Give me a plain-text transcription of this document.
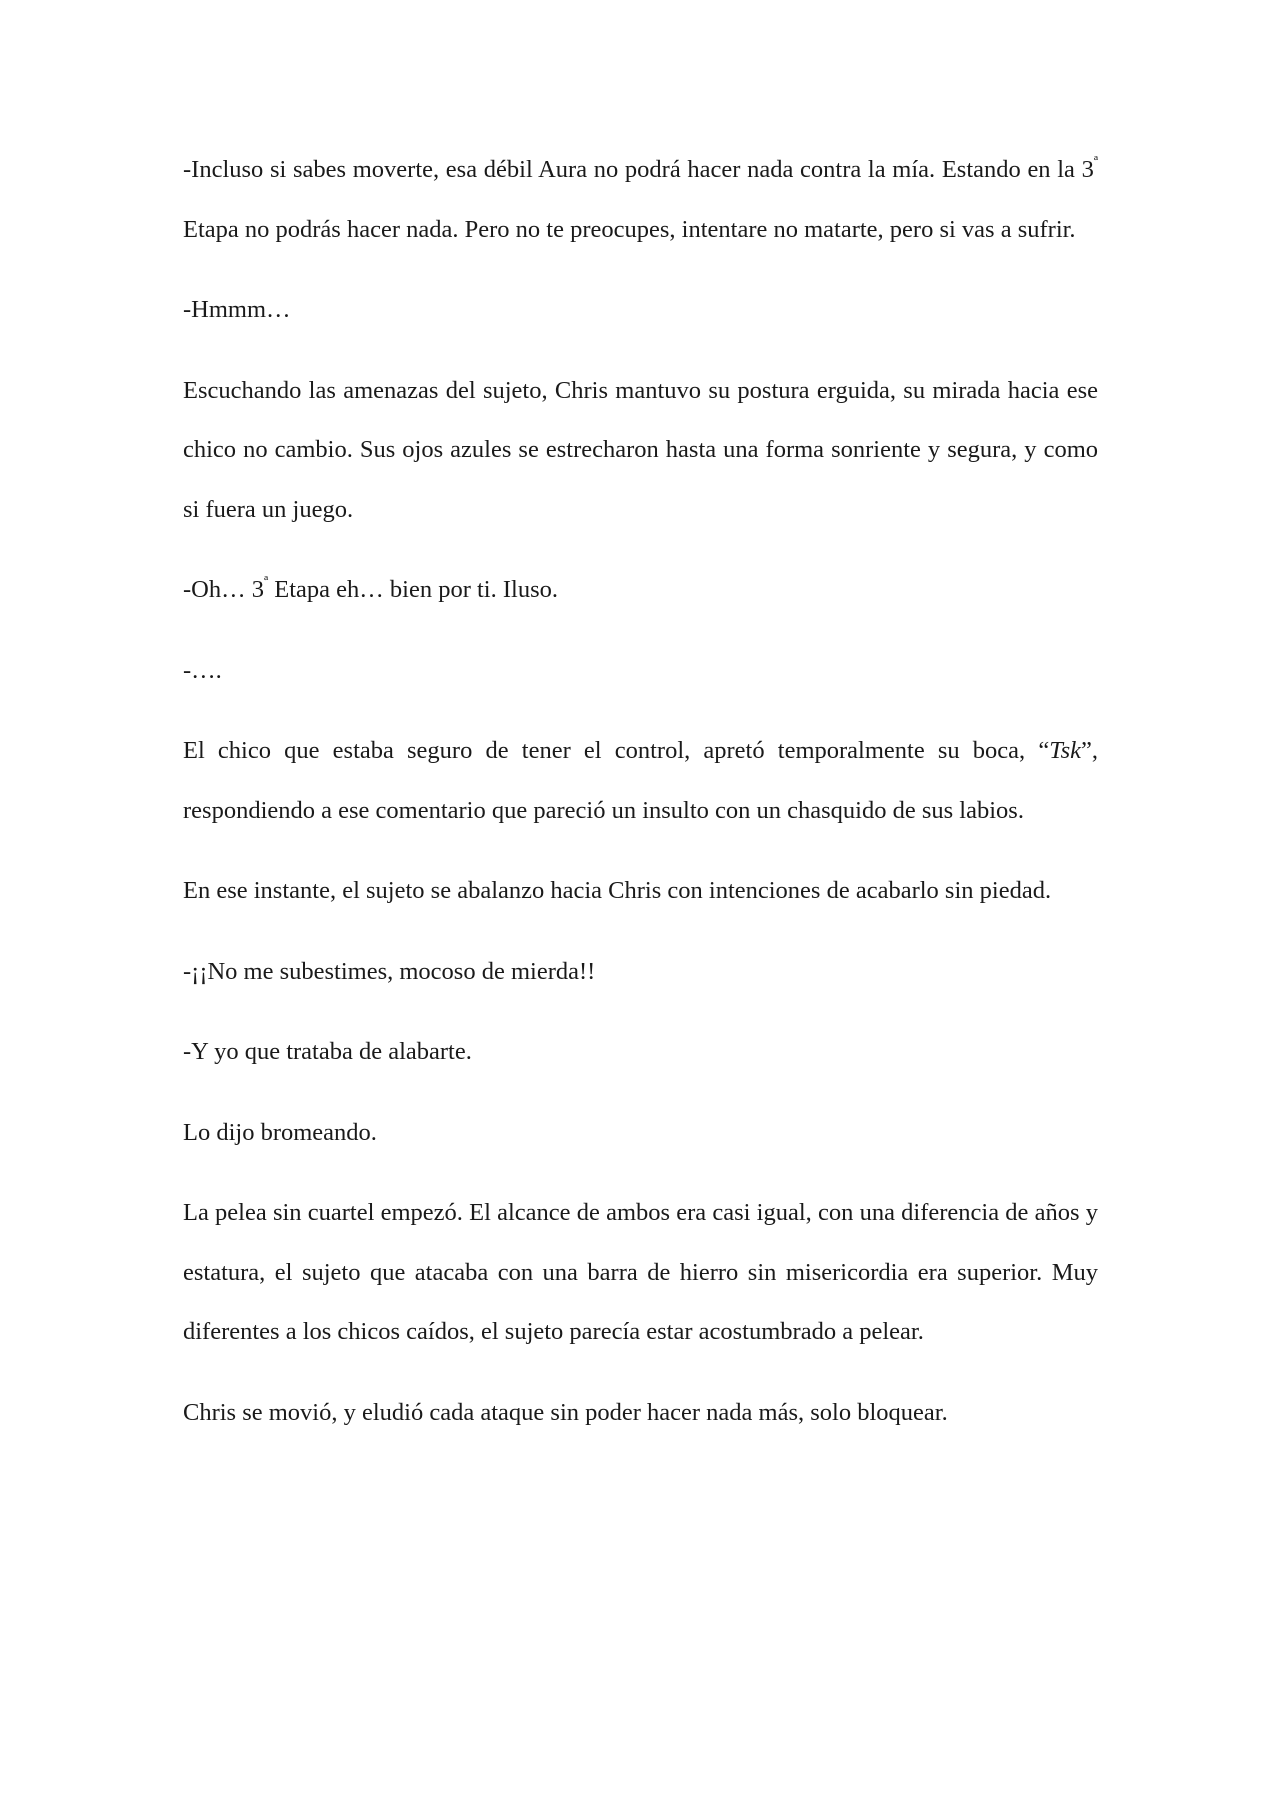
-Incluso si sabes moverte, esa débil Aura no podrá hacer nada contra la mía. Estando en la $3^ª$ Etapa no podrás hacer nada. Pero no te preocupes, intentare no matarte, pero si vas a sufrir.

-Hmmm…

Escuchando las amenazas del sujeto, Chris mantuvo su postura erguida, su mirada hacia ese chico no cambio. Sus ojos azules se estrecharon hasta una forma sonriente y segura, y como si fuera un juego.

-Oh… $3^ª$ Etapa eh… bien por ti. Iluso.

-….

El chico que estaba seguro de tener el control, apretó temporalmente su boca, “Tsk”, respondiendo a ese comentario que pareció un insulto con un chasquido de sus labios.

En ese instante, el sujeto se abalanzo hacia Chris con intenciones de acabarlo sin piedad.

-¡¡No me subestimes, mocoso de mierda!!

-Y yo que trataba de alabarte.

Lo dijo bromeando.

La pelea sin cuartel empezó. El alcance de ambos era casi igual, con una diferencia de años y estatura, el sujeto que atacaba con una barra de hierro sin misericordia era superior. Muy diferentes a los chicos caídos, el sujeto parecía estar acostumbrado a pelear.

Chris se movió, y eludió cada ataque sin poder hacer nada más, solo bloquear.
